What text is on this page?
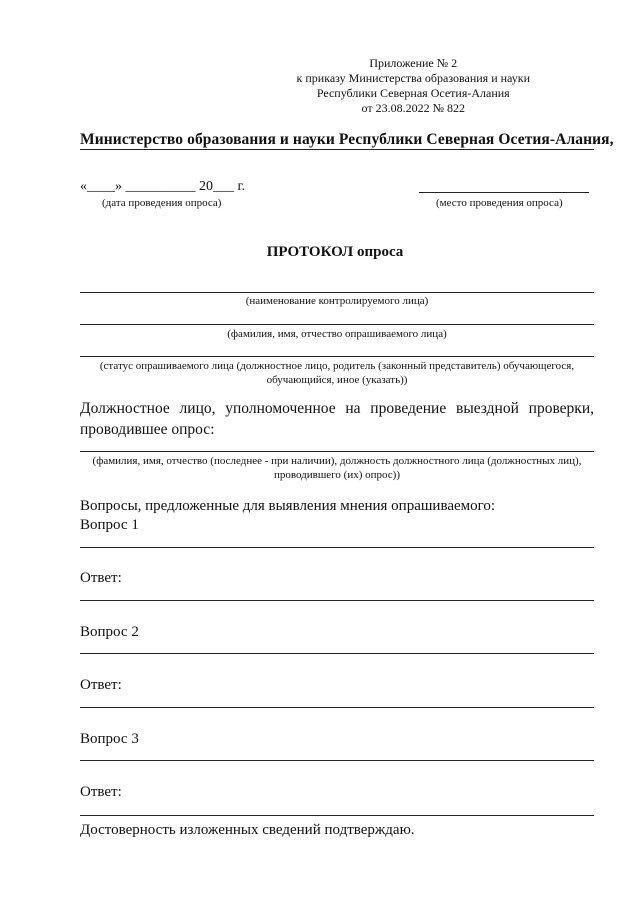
Приложение № 2
к приказу Министерства образования и науки
Республики Северная Осетия-Алания
от 23.08.2022 № 822
Министерство образования и науки Республики Северная Осетия-Алания,
«____» __________ 20___ г.
(дата проведения опроса)	(место проведения опроса)
ПРОТОКОЛ опроса
(наименование контролируемого лица)
(фамилия, имя, отчество опрашиваемого лица)
(статус опрашиваемого лица (должностное лицо, родитель (законный представитель) обучающегося, обучающийся, иное (указать))
Должностное лицо, уполномоченное на проведение выездной проверки, проводившее опрос:
(фамилия, имя, отчество (последнее - при наличии), должность должностного лица (должностных лиц), проводившего (их) опрос))
Вопросы, предложенные для выявления мнения опрашиваемого:
Вопрос 1
Ответ:
Вопрос 2
Ответ:
Вопрос 3
Ответ:
Достоверность изложенных сведений подтверждаю.
